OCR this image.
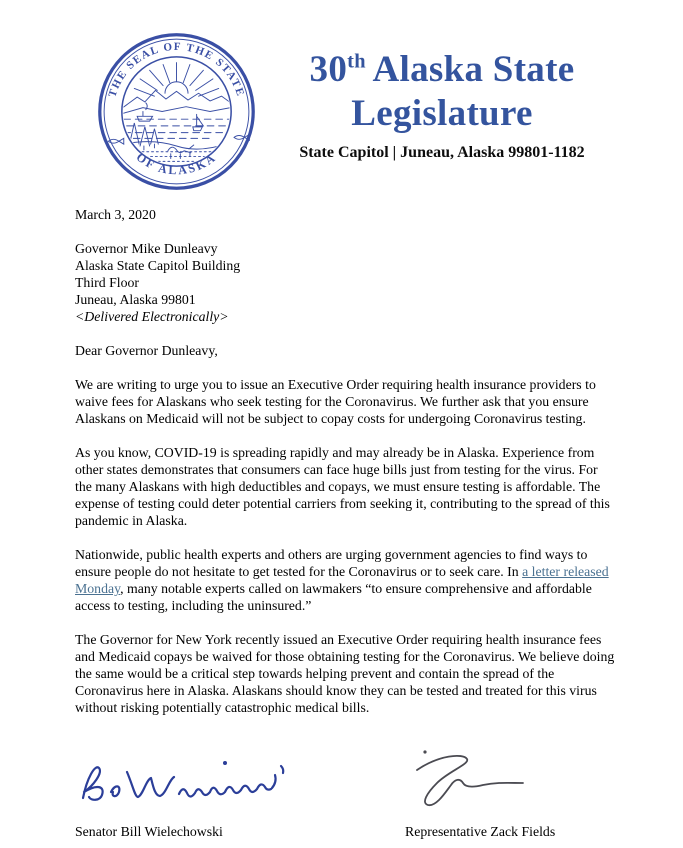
THE SEAL OF THE STATE
OF ALASKA
30th Alaska State
Legislature
State Capitol | Juneau, Alaska 99801-1182
March 3, 2020
Governor Mike Dunleavy
Alaska State Capitol Building
Third Floor
Juneau, Alaska 99801
<Delivered Electronically>
Dear Governor Dunleavy,

We are writing to urge you to issue an Executive Order requiring health insurance providers to waive fees for Alaskans who seek testing for the Coronavirus. We further ask that you ensure Alaskans on Medicaid will not be subject to copay costs for undergoing Coronavirus testing.

As you know, COVID-19 is spreading rapidly and may already be in Alaska. Experience from other states demonstrates that consumers can face huge bills just from testing for the virus. For the many Alaskans with high deductibles and copays, we must ensure testing is affordable. The expense of testing could deter potential carriers from seeking it, contributing to the spread of this pandemic in Alaska.

Nationwide, public health experts and others are urging government agencies to find ways to ensure people do not hesitate to get tested for the Coronavirus or to seek care. In a letter released Monday, many notable experts called on lawmakers “to ensure comprehensive and affordable access to testing, including the uninsured.”

The Governor for New York recently issued an Executive Order requiring health insurance fees and Medicaid copays be waived for those obtaining testing for the Coronavirus. We believe doing the same would be a critical step towards helping prevent and contain the spread of the Coronavirus here in Alaska. Alaskans should know they can be tested and treated for this virus without risking potentially catastrophic medical bills.

Senator Bill Wielechowski	Representative Zack Fields
